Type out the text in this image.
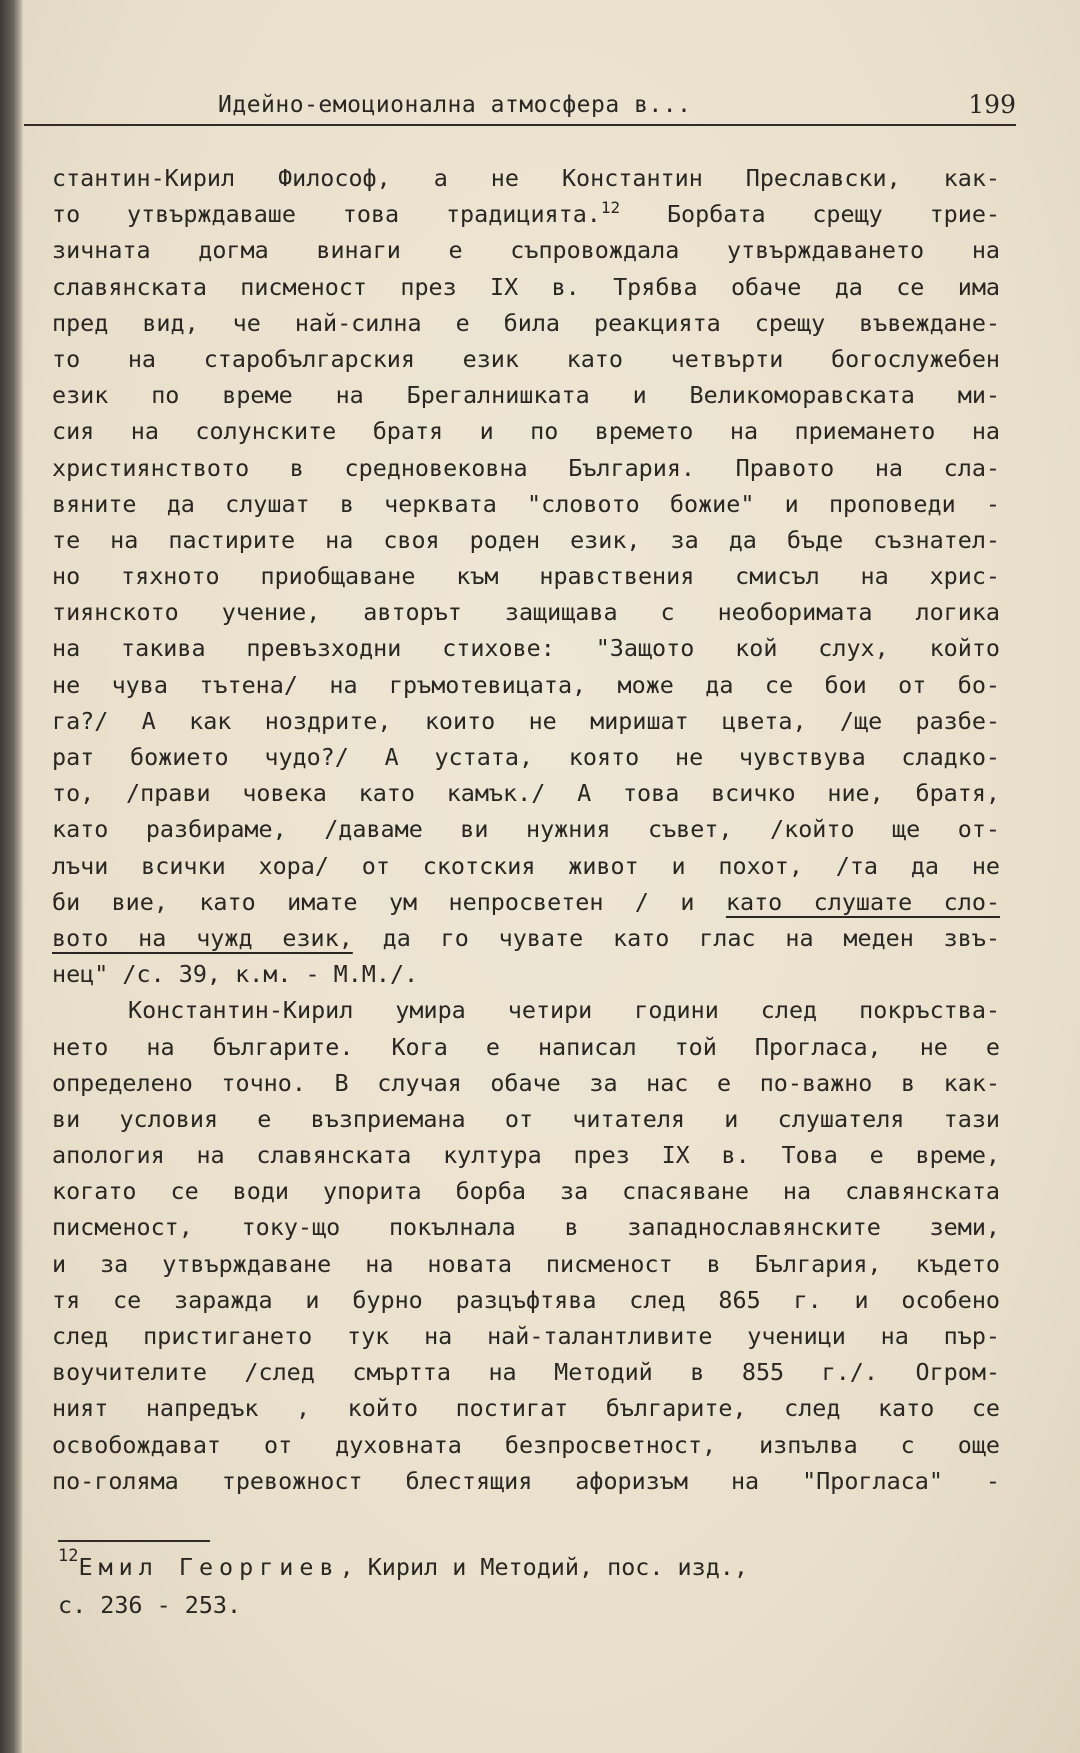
Идейно-емоционална атмосфера в...	199
стантин-Кирил Философ, а не Константин Преславски, как-
то утвърждаваше това традицията.$^{12}$ Борбата срещу трие-
зичната догма винаги е съпровождала утвърждаването на
славянската писменост през IX в. Трябва обаче да се има
пред вид, че най-силна е била реакцията срещу въвеждане-
то на старобългарския език като четвърти богослужебен
език по време на Брегалнишката и Великоморавската ми-
сия на солунските братя и по времето на приемането на
християнството в средновековна България. Правото на сла-
вяните да слушат в черквата "словото божие" и проповеди -
те на пастирите на своя роден език, за да бъде съзнател-
но тяхното приобщаване към нравствения смисъл на хрис-
тиянското учение, авторът защищава с необоримата логика
на такива превъзходни стихове: "Защото кой слух, който
не чува тътена/ на гръмотевицата, може да се бои от бо-
га?/ А как ноздрите, които не миришат цвета, /ще разбе-
рат божието чудо?/ А устата, която не чувствува сладко-
то, /прави човека като камък./ А това всичко ние, братя,
като разбираме, /даваме ви нужния съвет, /който ще от-
лъчи всички хора/ от скотския живот и похот, /та да не
би вие, като имате ум непросветен / и като слушате сло-
вото на чужд език, да го чувате като глас на меден звъ-
нец" /с. 39, к.м. - М.М./.
Константин-Кирил умира четири години след покръства-
нето на българите. Кога е написал той Прогласа, не е
определено точно. В случая обаче за нас е по-важно в как-
ви условия е възприемана от читателя и слушателя тази
апология на славянската култура през IX в. Това е време,
когато се води упорита борба за спасяване на славянската
писменост, току-що покълнала в западнославянските земи,
и за утвърждаване на новата писменост в България, където
тя се заражда и бурно разцъфтява след 865 г. и особено
след пристигането тук на най-талантливите ученици на пър-
воучителите /след смъртта на Методий в 855 г./. Огром-
ният напредък , който постигат българите, след като се
освобождават от духовната безпросветност, изпълва с още
по-голяма тревожност блестящия афоризъм на "Прогласа" -
$^{12}$Емил Георгиев, Кирил и Методий, пос. изд.,
с. 236 - 253.
